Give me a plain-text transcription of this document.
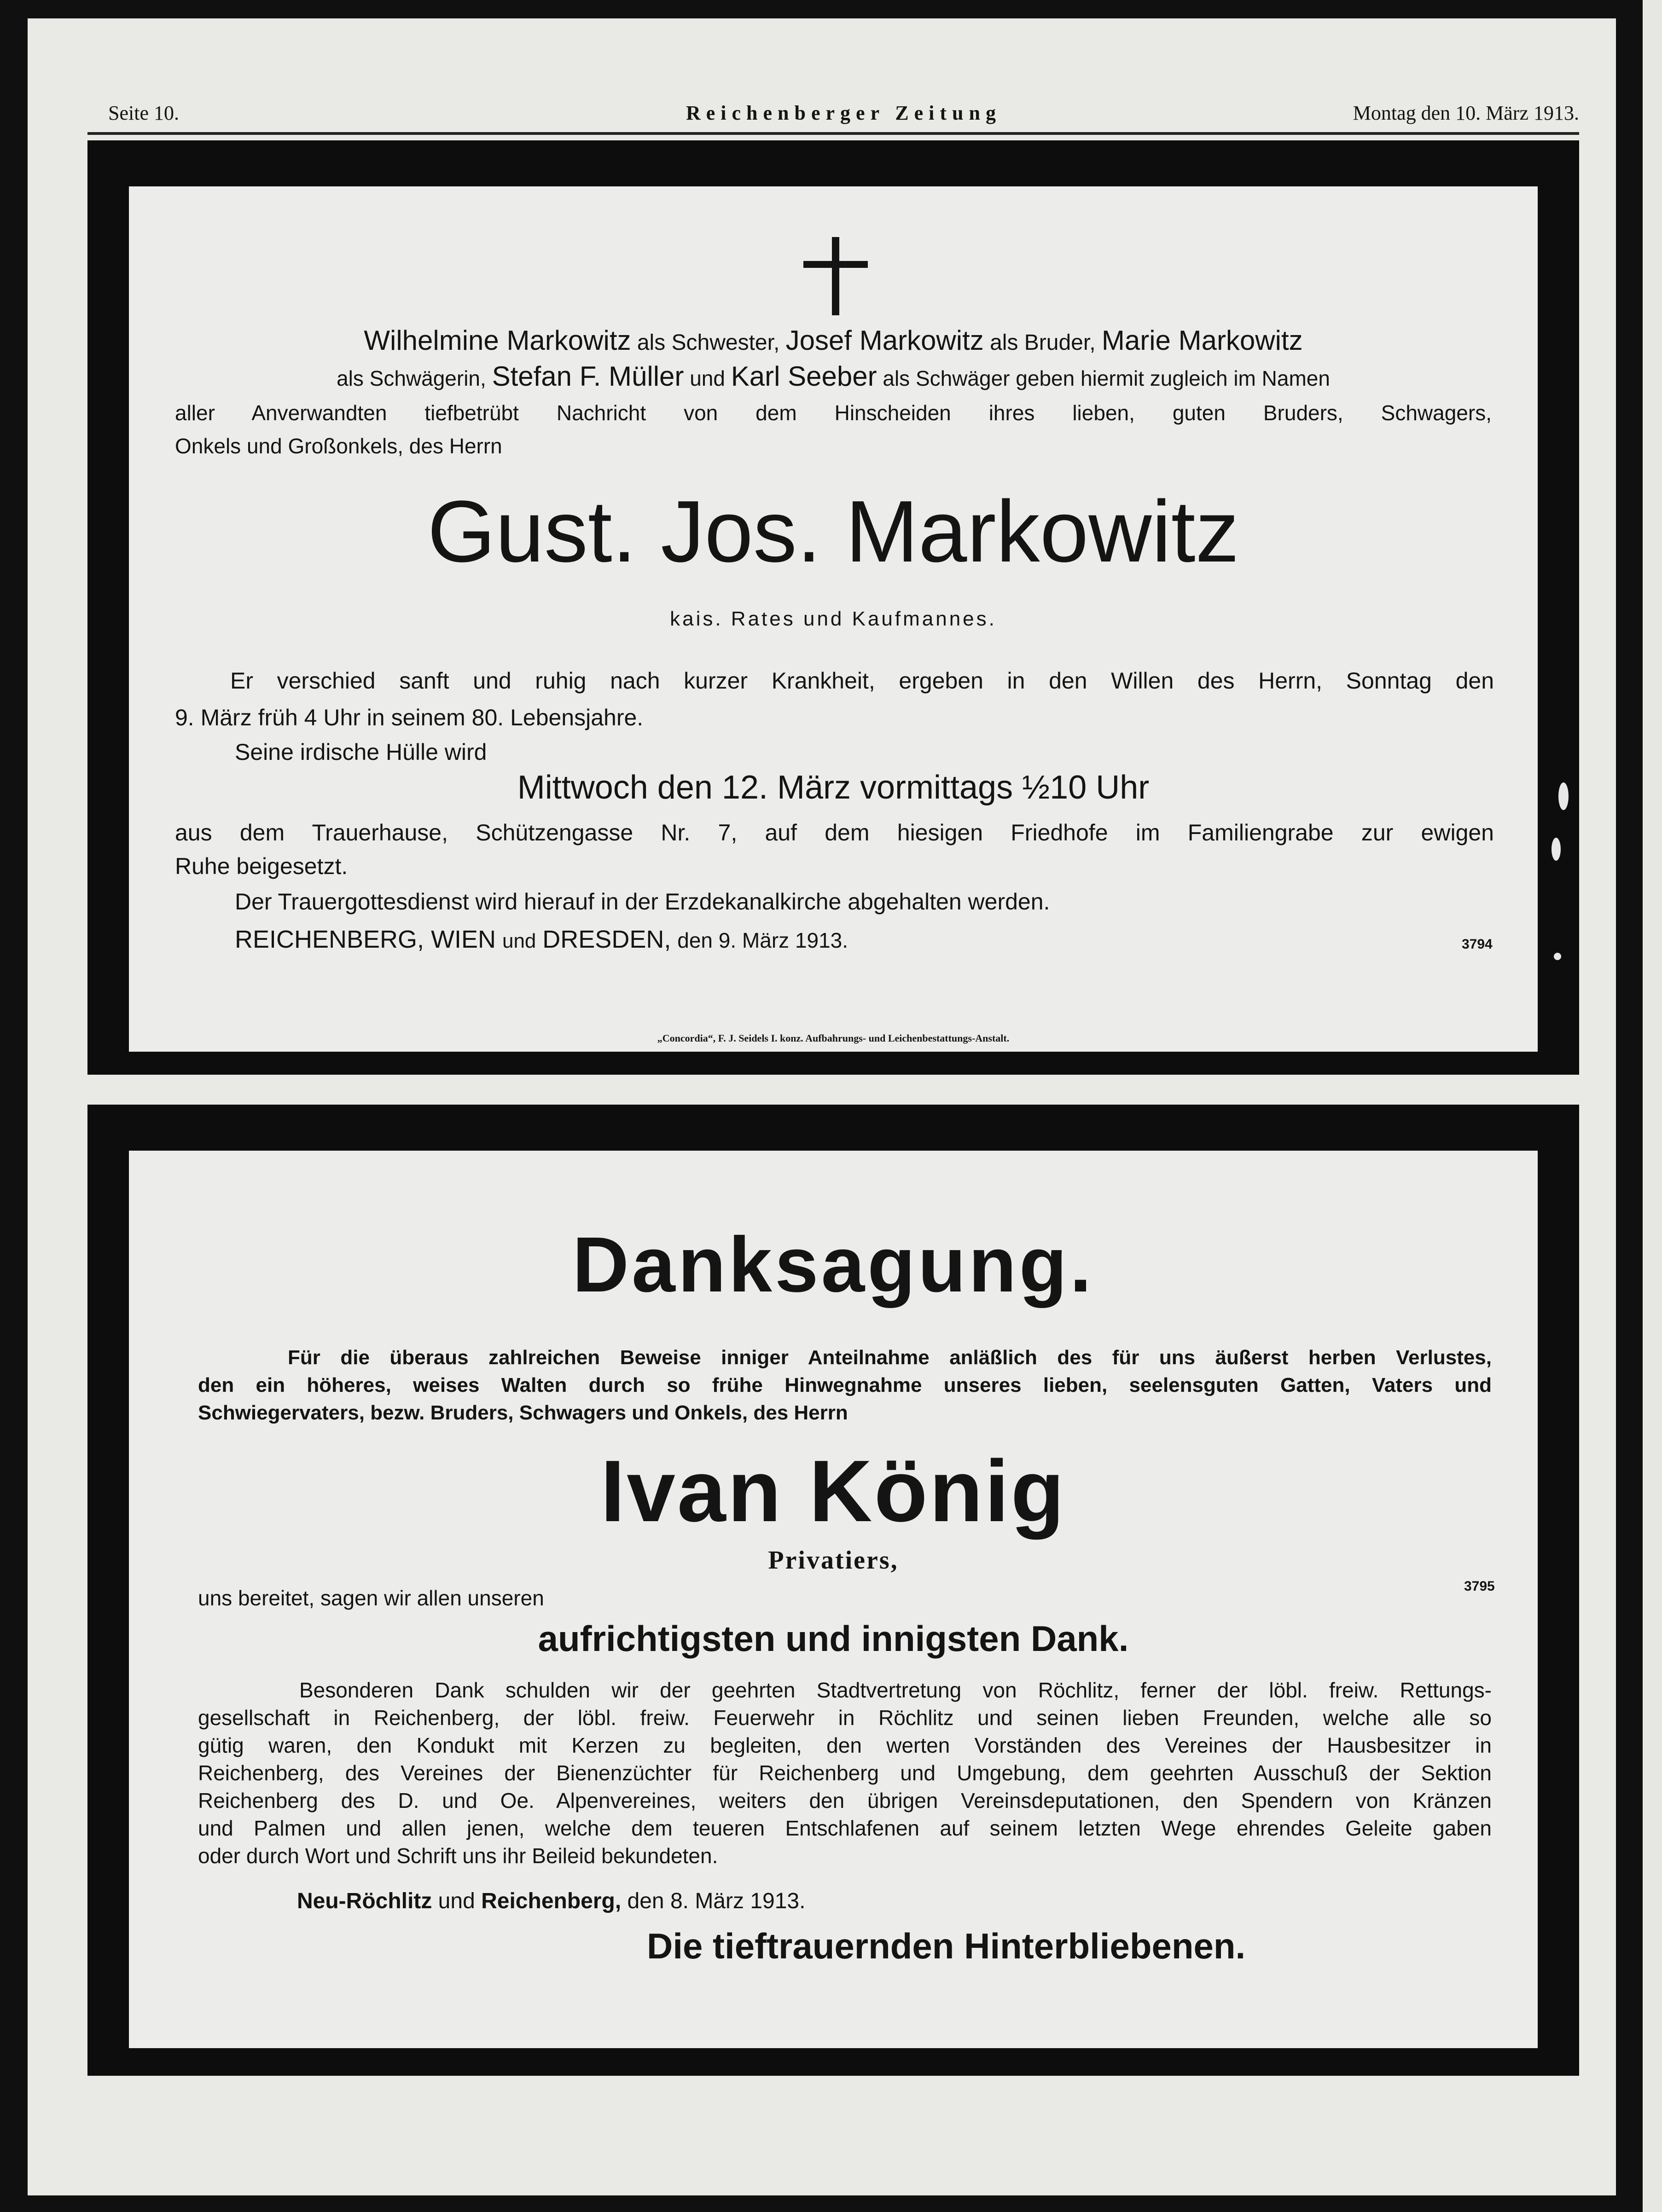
Seite 10.	Reichenberger Zeitung	Montag den 10. März 1913.
Wilhelmine Markowitz als Schwester, Josef Markowitz als Bruder, Marie Markowitz
als Schwägerin, Stefan F. Müller und Karl Seeber als Schwäger geben hiermit zugleich im Namen
aller Anverwandten tiefbetrübt Nachricht von dem Hinscheiden ihres lieben, guten Bruders, Schwagers,
Onkels und Großonkels, des Herrn
Gust. Jos. Markowitz
kais. Rates und Kaufmannes.
Er verschied sanft und ruhig nach kurzer Krankheit, ergeben in den Willen des Herrn, Sonntag den
9. März früh 4 Uhr in seinem 80. Lebensjahre.
Seine irdische Hülle wird
Mittwoch den 12. März vormittags ½10 Uhr
aus dem Trauerhause, Schützengasse Nr. 7, auf dem hiesigen Friedhofe im Familiengrabe zur ewigen
Ruhe beigesetzt.
Der Trauergottesdienst wird hierauf in der Erzdekanalkirche abgehalten werden.
REICHENBERG, WIEN und DRESDEN, den 9. März 1913.	3794
„Concordia“, F. J. Seidels I. konz. Aufbahrungs- und Leichenbestattungs-Anstalt.
Danksagung.
Für die überaus zahlreichen Beweise inniger Anteilnahme anläßlich des für uns äußerst herben Verlustes,
den ein höheres, weises Walten durch so frühe Hinwegnahme unseres lieben, seelensguten Gatten, Vaters und
Schwiegervaters, bezw. Bruders, Schwagers und Onkels, des Herrn
Ivan König
Privatiers,
uns bereitet, sagen wir allen unseren	3795
aufrichtigsten und innigsten Dank.
Besonderen Dank schulden wir der geehrten Stadtvertretung von Röchlitz, ferner der löbl. freiw. Rettungs-
gesellschaft in Reichenberg, der löbl. freiw. Feuerwehr in Röchlitz und seinen lieben Freunden, welche alle so
gütig waren, den Kondukt mit Kerzen zu begleiten, den werten Vorständen des Vereines der Hausbesitzer in
Reichenberg, des Vereines der Bienenzüchter für Reichenberg und Umgebung, dem geehrten Ausschuß der Sektion
Reichenberg des D. und Oe. Alpenvereines, weiters den übrigen Vereinsdeputationen, den Spendern von Kränzen
und Palmen und allen jenen, welche dem teueren Entschlafenen auf seinem letzten Wege ehrendes Geleite gaben
oder durch Wort und Schrift uns ihr Beileid bekundeten.
Neu-Röchlitz und Reichenberg, den 8. März 1913.
Die tieftrauernden Hinterbliebenen.
